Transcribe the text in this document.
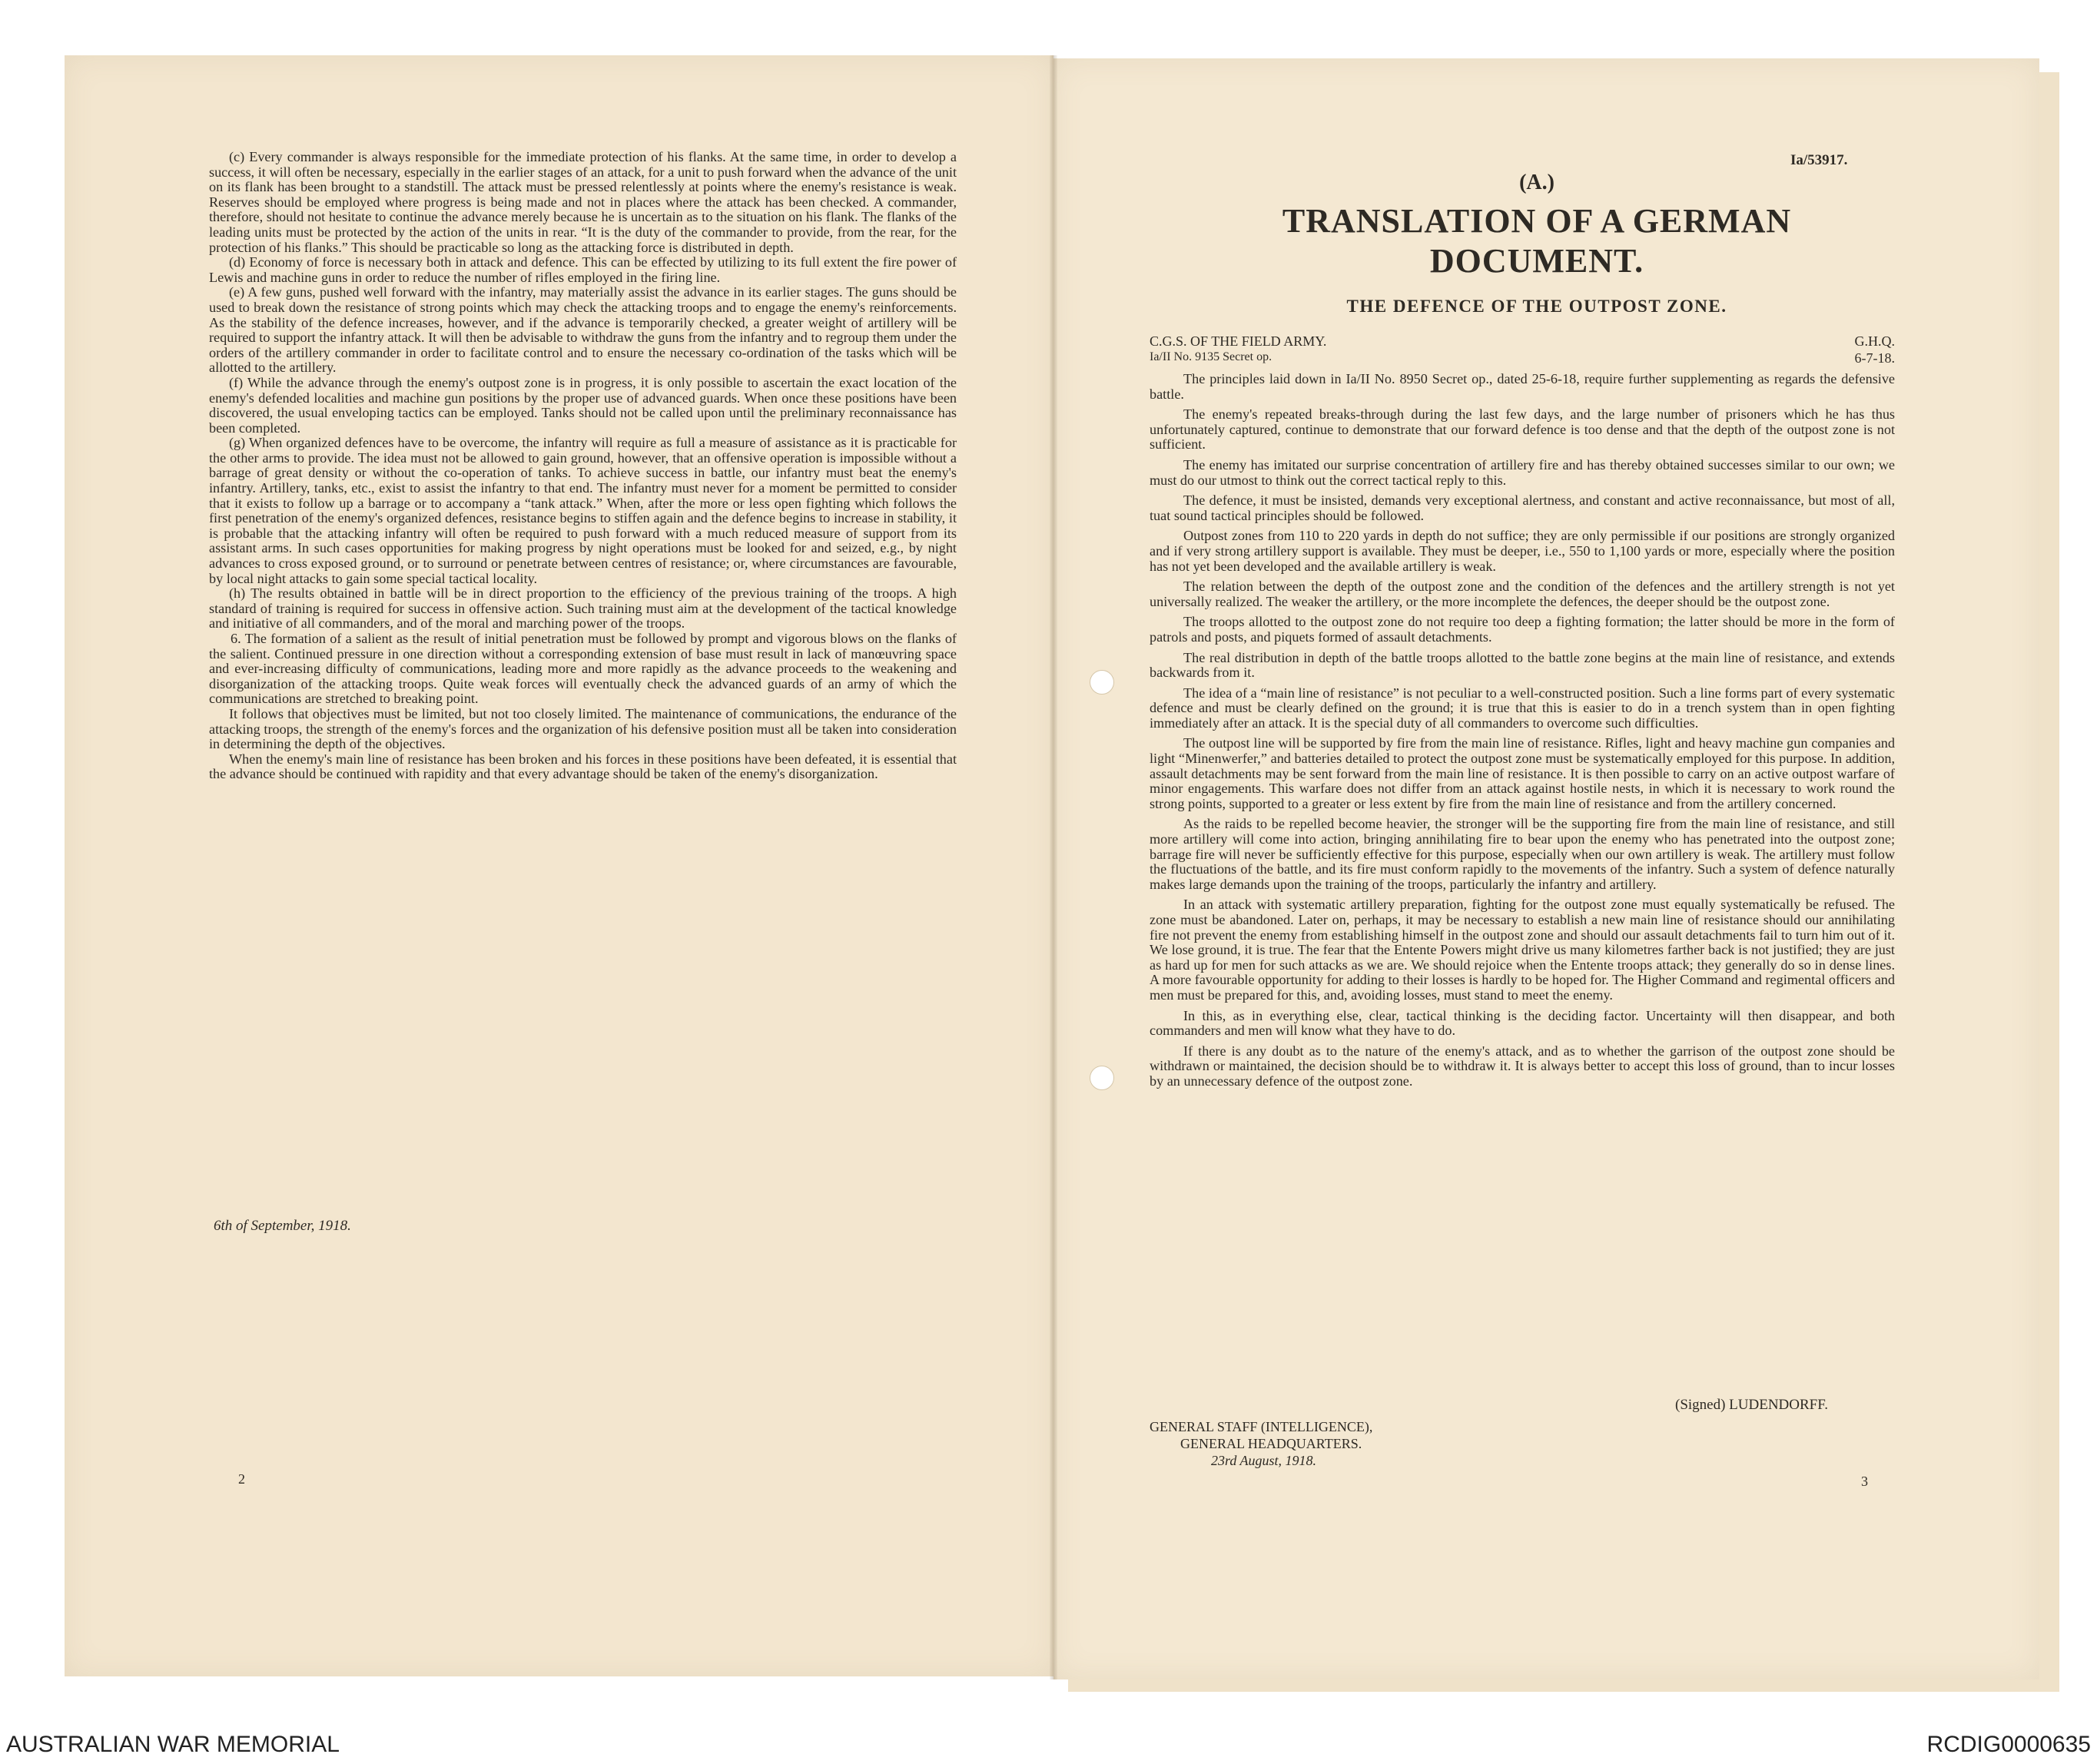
(c) Every commander is always responsible for the immediate protection of his flanks. At the same time, in order to develop a success, it will often be necessary, especially in the earlier stages of an attack, for a unit to push forward when the advance of the unit on its flank has been brought to a standstill. The attack must be pressed relentlessly at points where the enemy's resistance is weak. Reserves should be employed where progress is being made and not in places where the attack has been checked. A commander, therefore, should not hesitate to continue the advance merely because he is uncertain as to the situation on his flank. The flanks of the leading units must be protected by the action of the units in rear. “It is the duty of the commander to provide, from the rear, for the protection of his flanks.” This should be practicable so long as the attacking force is distributed in depth.

(d) Economy of force is necessary both in attack and defence. This can be effected by utilizing to its full extent the fire power of Lewis and machine guns in order to reduce the number of rifles employed in the firing line.

(e) A few guns, pushed well forward with the infantry, may materially assist the advance in its earlier stages. The guns should be used to break down the resistance of strong points which may check the attacking troops and to engage the enemy's reinforcements. As the stability of the defence increases, however, and if the advance is temporarily checked, a greater weight of artillery will be required to support the infantry attack. It will then be advisable to withdraw the guns from the infantry and to regroup them under the orders of the artillery commander in order to facilitate control and to ensure the necessary co-ordination of the tasks which will be allotted to the artillery.

(f) While the advance through the enemy's outpost zone is in progress, it is only possible to ascertain the exact location of the enemy's defended localities and machine gun positions by the proper use of advanced guards. When once these positions have been discovered, the usual enveloping tactics can be employed. Tanks should not be called upon until the preliminary reconnaissance has been completed.

(g) When organized defences have to be overcome, the infantry will require as full a measure of assistance as it is practicable for the other arms to provide. The idea must not be allowed to gain ground, however, that an offensive operation is impossible without a barrage of great density or without the co-operation of tanks. To achieve success in battle, our infantry must beat the enemy's infantry. Artillery, tanks, etc., exist to assist the infantry to that end. The infantry must never for a moment be permitted to consider that it exists to follow up a barrage or to accompany a “tank attack.” When, after the more or less open fighting which follows the first penetration of the enemy's organized defences, resistance begins to stiffen again and the defence begins to increase in stability, it is probable that the attacking infantry will often be required to push forward with a much reduced measure of support from its assistant arms. In such cases opportunities for making progress by night operations must be looked for and seized, e.g., by night advances to cross exposed ground, or to surround or penetrate between centres of resistance; or, where circumstances are favourable, by local night attacks to gain some special tactical locality.

(h) The results obtained in battle will be in direct proportion to the efficiency of the previous training of the troops. A high standard of training is required for success in offensive action. Such training must aim at the development of the tactical knowledge and initiative of all commanders, and of the moral and marching power of the troops.

6. The formation of a salient as the result of initial penetration must be followed by prompt and vigorous blows on the flanks of the salient. Continued pressure in one direction without a corresponding extension of base must result in lack of manœuvring space and ever-increasing difficulty of communications, leading more and more rapidly as the advance proceeds to the weakening and disorganization of the attacking troops. Quite weak forces will eventually check the advanced guards of an army of which the communications are stretched to breaking point.

It follows that objectives must be limited, but not too closely limited. The maintenance of communications, the endurance of the attacking troops, the strength of the enemy's forces and the organization of his defensive position must all be taken into consideration in determining the depth of the objectives.

When the enemy's main line of resistance has been broken and his forces in these positions have been defeated, it is essential that the advance should be continued with rapidity and that every advantage should be taken of the enemy's disorganization.

6th of September, 1918.
2
Ia/53917.
(A.)
TRANSLATION OF A GERMAN
DOCUMENT.
THE DEFENCE OF THE OUTPOST ZONE.
C.G.S. OF THE FIELD ARMY.	G.H.Q.
Ia/II No. 9135 Secret op.	6-7-18.

The principles laid down in Ia/II No. 8950 Secret op., dated 25-6-18, require further supplementing as regards the defensive battle.

The enemy's repeated breaks-through during the last few days, and the large number of prisoners which he has thus unfortunately captured, continue to demonstrate that our forward defence is too dense and that the depth of the outpost zone is not sufficient.

The enemy has imitated our surprise concentration of artillery fire and has thereby obtained successes similar to our own; we must do our utmost to think out the correct tactical reply to this.

The defence, it must be insisted, demands very exceptional alertness, and constant and active reconnaissance, but most of all, tuat sound tactical principles should be followed.

Outpost zones from 110 to 220 yards in depth do not suffice; they are only permissible if our positions are strongly organized and if very strong artillery support is available. They must be deeper, i.e., 550 to 1,100 yards or more, especially where the position has not yet been developed and the available artillery is weak.

The relation between the depth of the outpost zone and the condition of the defences and the artillery strength is not yet universally realized. The weaker the artillery, or the more incomplete the defences, the deeper should be the outpost zone.

The troops allotted to the outpost zone do not require too deep a fighting formation; the latter should be more in the form of patrols and posts, and piquets formed of assault detachments.

The real distribution in depth of the battle troops allotted to the battle zone begins at the main line of resistance, and extends backwards from it.

The idea of a “main line of resistance” is not peculiar to a well-constructed position. Such a line forms part of every systematic defence and must be clearly defined on the ground; it is true that this is easier to do in a trench system than in open fighting immediately after an attack. It is the special duty of all commanders to overcome such difficulties.

The outpost line will be supported by fire from the main line of resistance. Rifles, light and heavy machine gun companies and light “Minenwerfer,” and batteries detailed to protect the outpost zone must be systematically employed for this purpose. In addition, assault detachments may be sent forward from the main line of resistance. It is then possible to carry on an active outpost warfare of minor engagements. This warfare does not differ from an attack against hostile nests, in which it is necessary to work round the strong points, supported to a greater or less extent by fire from the main line of resistance and from the artillery concerned.

As the raids to be repelled become heavier, the stronger will be the supporting fire from the main line of resistance, and still more artillery will come into action, bringing annihilating fire to bear upon the enemy who has penetrated into the outpost zone; barrage fire will never be sufficiently effective for this purpose, especially when our own artillery is weak. The artillery must follow the fluctuations of the battle, and its fire must conform rapidly to the movements of the infantry. Such a system of defence naturally makes large demands upon the training of the troops, particularly the infantry and artillery.

In an attack with systematic artillery preparation, fighting for the outpost zone must equally systematically be refused. The zone must be abandoned. Later on, perhaps, it may be necessary to establish a new main line of resistance should our annihilating fire not prevent the enemy from establishing himself in the outpost zone and should our assault detachments fail to turn him out of it. We lose ground, it is true. The fear that the Entente Powers might drive us many kilometres farther back is not justified; they are just as hard up for men for such attacks as we are. We should rejoice when the Entente troops attack; they generally do so in dense lines. A more favourable opportunity for adding to their losses is hardly to be hoped for. The Higher Command and regimental officers and men must be prepared for this, and, avoiding losses, must stand to meet the enemy.

In this, as in everything else, clear, tactical thinking is the deciding factor. Uncertainty will then disappear, and both commanders and men will know what they have to do.

If there is any doubt as to the nature of the enemy's attack, and as to whether the garrison of the outpost zone should be withdrawn or maintained, the decision should be to withdraw it. It is always better to accept this loss of ground, than to incur losses by an unnecessary defence of the outpost zone.

(Signed) LUDENDORFF.
GENERAL STAFF (INTELLIGENCE),
GENERAL HEADQUARTERS.
23rd August, 1918.
3
AUSTRALIAN WAR MEMORIAL	RCDIG0000635
